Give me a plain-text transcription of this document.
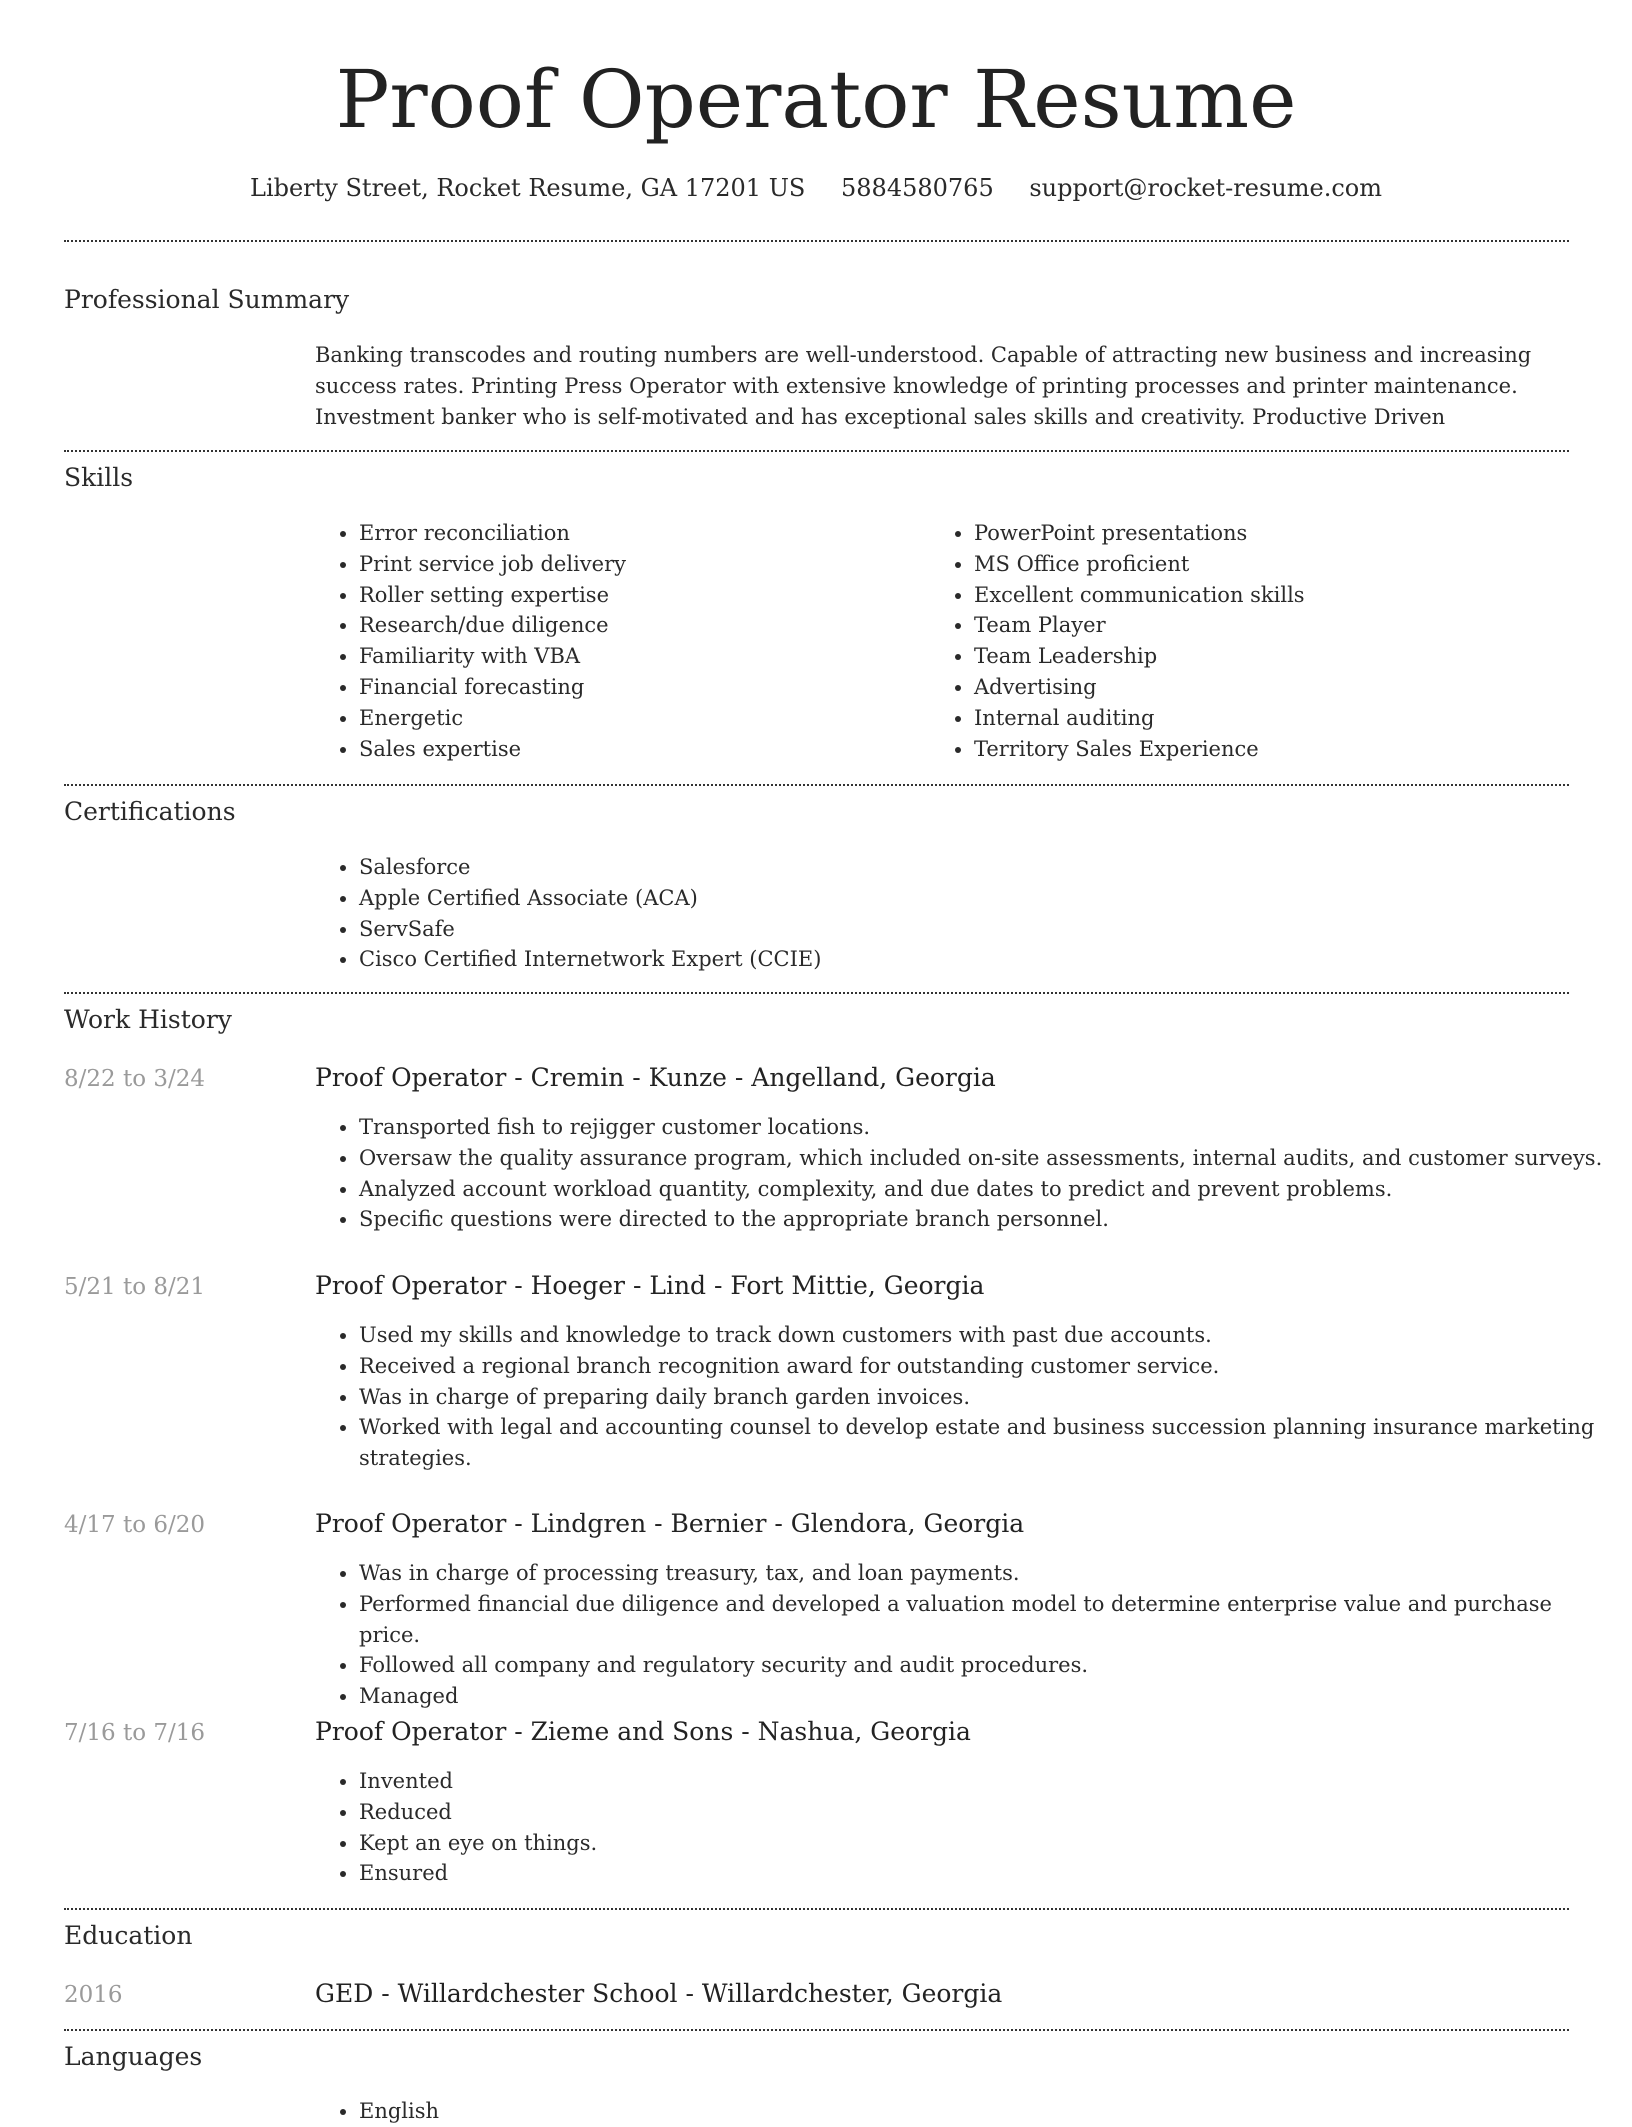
Proof Operator Resume
Liberty Street, Rocket Resume, GA 17201 US 5884580765 support@rocket-resume.com
Professional Summary

Banking transcodes and routing numbers are well-understood. Capable of attracting new business and increasing success rates. Printing Press Operator with extensive knowledge of printing processes and printer maintenance. Investment banker who is self-motivated and has exceptional sales skills and creativity. Productive Driven

Skills
• Error reconciliation
• Print service job delivery
• Roller setting expertise
• Research/due diligence
• Familiarity with VBA
• Financial forecasting
• Energetic
• Sales expertise
• PowerPoint presentations
• MS Office proficient
• Excellent communication skills
• Team Player
• Team Leadership
• Advertising
• Internal auditing
• Territory Sales Experience
Certifications
• Salesforce
• Apple Certified Associate (ACA)
• ServSafe
• Cisco Certified Internetwork Expert (CCIE)
Work History
8/22 to 3/24	Proof Operator - Cremin - Kunze - Angelland, Georgia
• Transported fish to rejigger customer locations.
• Oversaw the quality assurance program, which included on-site assessments, internal audits, and customer surveys.
• Analyzed account workload quantity, complexity, and due dates to predict and prevent problems.
• Specific questions were directed to the appropriate branch personnel.
5/21 to 8/21	Proof Operator - Hoeger - Lind - Fort Mittie, Georgia
• Used my skills and knowledge to track down customers with past due accounts.
• Received a regional branch recognition award for outstanding customer service.
• Was in charge of preparing daily branch garden invoices.
• Worked with legal and accounting counsel to develop estate and business succession planning insurance marketing strategies.
4/17 to 6/20	Proof Operator - Lindgren - Bernier - Glendora, Georgia
• Was in charge of processing treasury, tax, and loan payments.
• Performed financial due diligence and developed a valuation model to determine enterprise value and purchase price.
• Followed all company and regulatory security and audit procedures.
• Managed
7/16 to 7/16	Proof Operator - Zieme and Sons - Nashua, Georgia
• Invented
• Reduced
• Kept an eye on things.
• Ensured
Education
2016	GED - Willardchester School - Willardchester, Georgia
Languages
• English
